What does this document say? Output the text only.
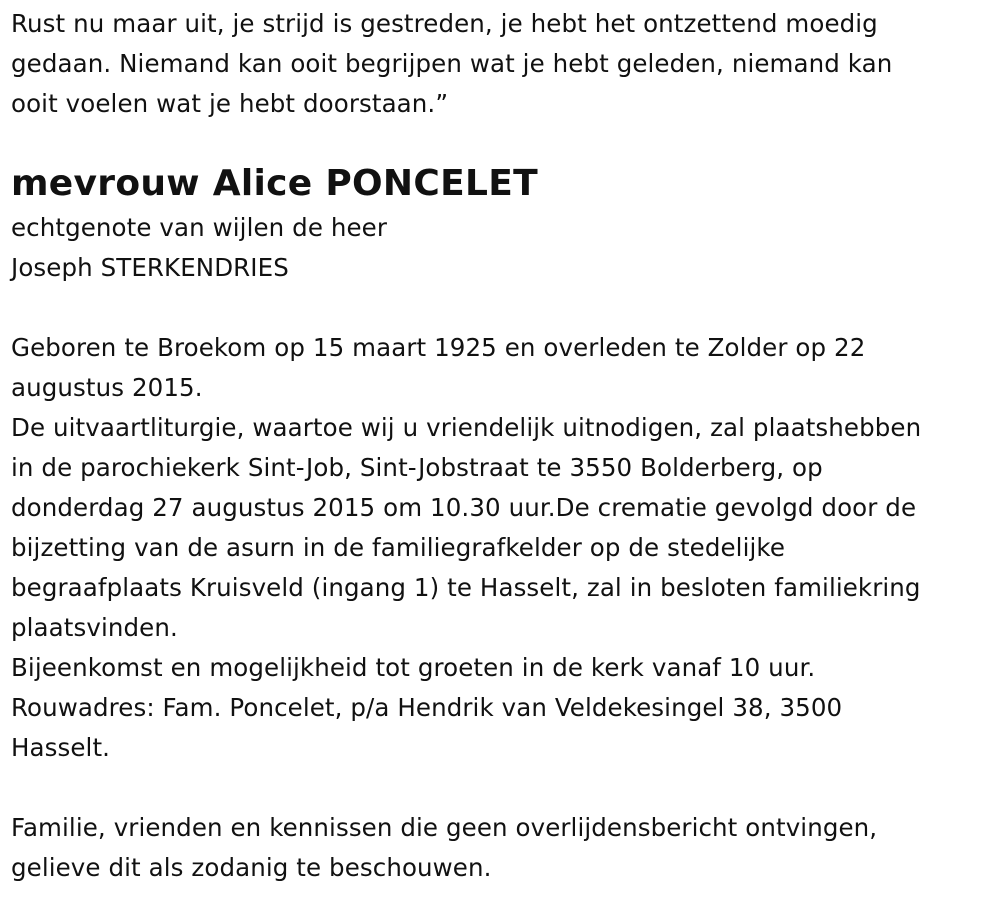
Rust nu maar uit, je strijd is gestreden, je hebt het ontzettend moedig
gedaan. Niemand kan ooit begrijpen wat je hebt geleden, niemand kan
ooit voelen wat je hebt doorstaan.”
mevrouw Alice PONCELET
echtgenote van wijlen de heer
Joseph STERKENDRIES
Geboren te Broekom op 15 maart 1925 en overleden te Zolder op 22
augustus 2015.
De uitvaartliturgie, waartoe wij u vriendelijk uitnodigen, zal plaatshebben
in de parochiekerk Sint-Job, Sint-Jobstraat te 3550 Bolderberg, op
donderdag 27 augustus 2015 om 10.30 uur.De crematie gevolgd door de
bijzetting van de asurn in de familiegrafkelder op de stedelijke
begraafplaats Kruisveld (ingang 1) te Hasselt, zal in besloten familiekring
plaatsvinden.
Bijeenkomst en mogelijkheid tot groeten in de kerk vanaf 10 uur.
Rouwadres: Fam. Poncelet, p/a Hendrik van Veldekesingel 38, 3500
Hasselt.
Familie, vrienden en kennissen die geen overlijdensbericht ontvingen,
gelieve dit als zodanig te beschouwen.
